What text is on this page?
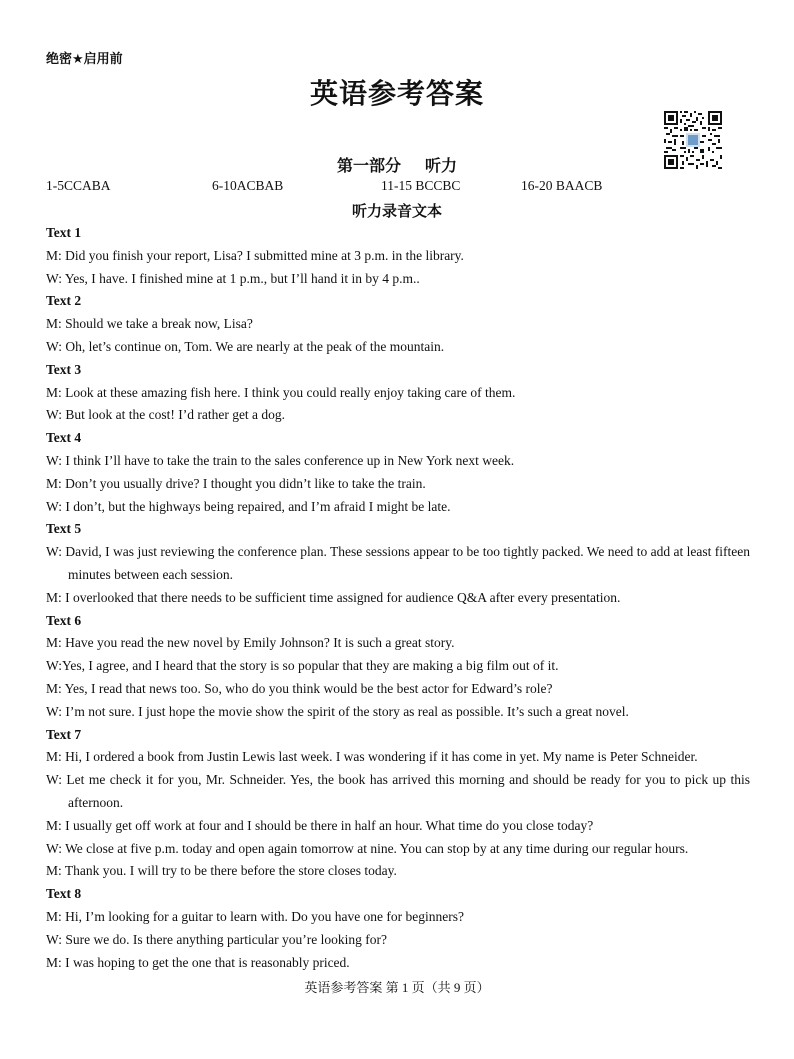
绝密★启用前
英语参考答案
第一部分 听力
1-5CCABA	6-10ACBAB	11-15 BCCBC	16-20 BAACB
听力录音文本
Text 1
M: Did you finish your report, Lisa? I submitted mine at 3 p.m. in the library.
W: Yes, I have. I finished mine at 1 p.m., but I’ll hand it in by 4 p.m..
Text 2
M: Should we take a break now, Lisa?
W: Oh, let’s continue on, Tom. We are nearly at the peak of the mountain.
Text 3
M: Look at these amazing fish here. I think you could really enjoy taking care of them.
W: But look at the cost! I’d rather get a dog.
Text 4
W: I think I’ll have to take the train to the sales conference up in New York next week.
M: Don’t you usually drive? I thought you didn’t like to take the train.
W: I don’t, but the highways being repaired, and I’m afraid I might be late.
Text 5
W: David, I was just reviewing the conference plan. These sessions appear to be too tightly packed. We need to add at least fifteen minutes between each session.
M: I overlooked that there needs to be sufficient time assigned for audience Q&A after every presentation.
Text 6
M: Have you read the new novel by Emily Johnson? It is such a great story.
W:Yes, I agree, and I heard that the story is so popular that they are making a big film out of it.
M: Yes, I read that news too. So, who do you think would be the best actor for Edward’s role?
W: I’m not sure. I just hope the movie show the spirit of the story as real as possible. It’s such a great novel.
Text 7
M: Hi, I ordered a book from Justin Lewis last week. I was wondering if it has come in yet. My name is Peter Schneider.
W: Let me check it for you, Mr. Schneider. Yes, the book has arrived this morning and should be ready for you to pick up this afternoon.
M: I usually get off work at four and I should be there in half an hour. What time do you close today?
W: We close at five p.m. today and open again tomorrow at nine. You can stop by at any time during our regular hours.
M: Thank you. I will try to be there before the store closes today.
Text 8
M: Hi, I’m looking for a guitar to learn with. Do you have one for beginners?
W: Sure we do. Is there anything particular you’re looking for?
M: I was hoping to get the one that is reasonably priced.
英语参考答案 第 1 页（共 9 页）
